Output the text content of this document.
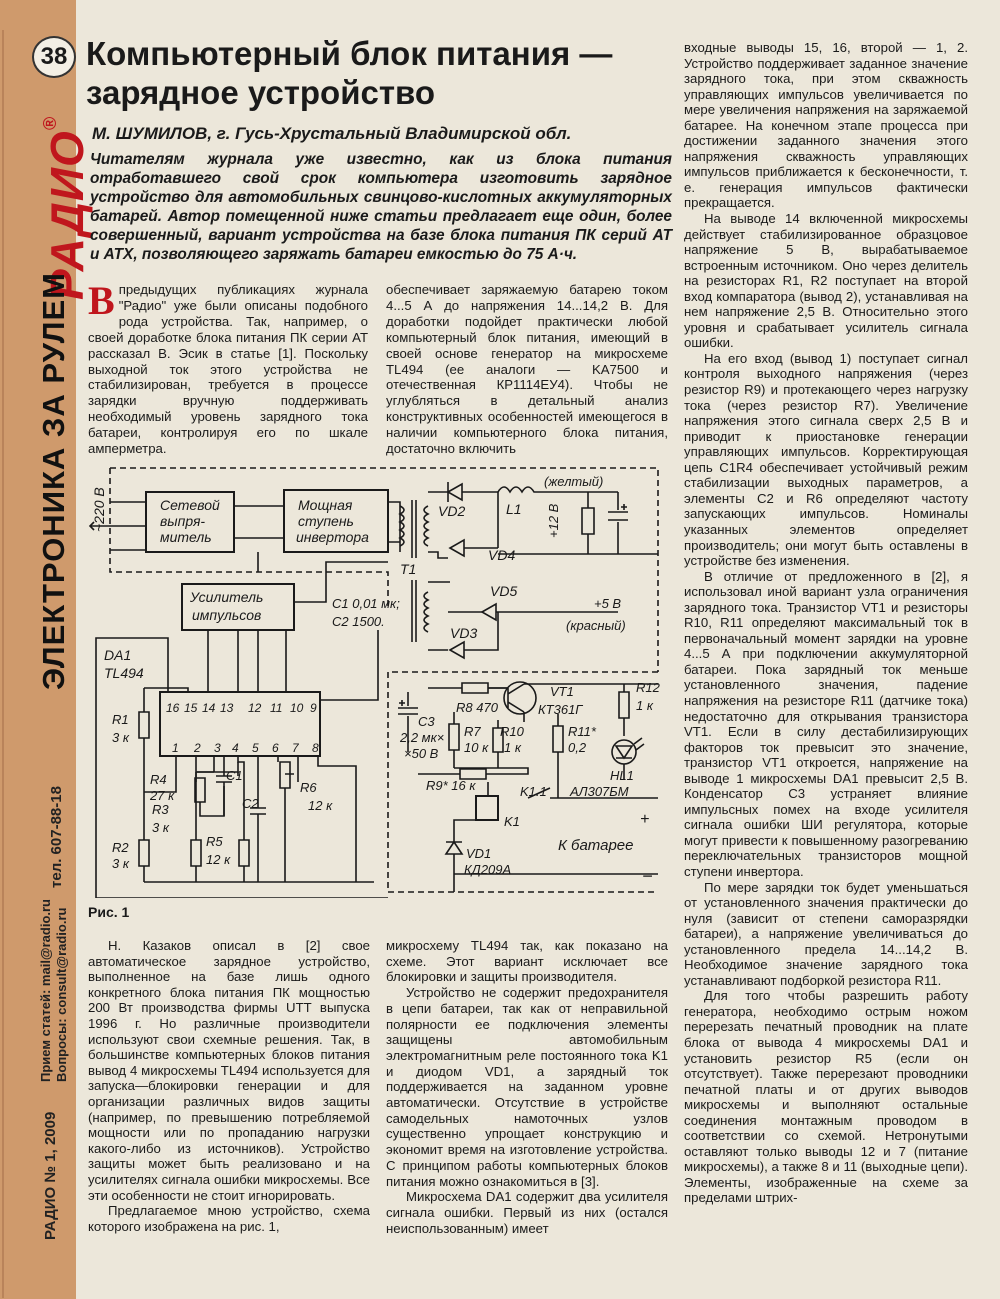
38
РАДИО®
ЭЛЕКТРОНИКА ЗА РУЛЕМ
тел. 607-88-18
Прием статей: mail@radio.ru Вопросы: consult@radio.ru
РАДИО № 1, 2009
Компьютерный блок питания —
зарядное устройство
М. ШУМИЛОВ, г. Гусь-Хрустальный Владимирской обл.

Читателям журнала уже известно, как из блока питания отработавшего свой срок компьютера изготовить зарядное устройство для автомобильных свинцово-кислотных аккумуляторных батарей. Автор помещенной ниже статьи предлагает еще один, более совершенный, вариант устройства на базе блока питания ПК серий AT и ATX, позволяющего заряжать батареи емкостью до 75 А·ч.

Впредыдущих публикациях журнала "Радио" уже были описаны подобного рода устройства. Так, например, о своей доработке блока питания ПК серии AT рассказал В. Эсик в статье [1]. Поскольку выходной ток этого устройства не стабилизирован, требуется в процессе зарядки вручную поддерживать необходимый уровень зарядного тока батареи, контролируя его по шкале амперметра.

обеспечивает заряжаемую батарею током 4...5 А до напряжения 14...14,2 В. Для доработки подойдет практически любой компьютерный блок питания, имеющий в своей основе генератор на микросхеме TL494 (ее аналоги — KA7500 и отечественная КР1114ЕУ4). Чтобы не углубляться в детальный анализ конструктивных особенностей имеющегося в наличии компьютерного блока питания, достаточно включить

входные выводы 15, 16, второй — 1, 2. Устройство поддерживает заданное значение зарядного тока, при этом скважность управляющих импульсов увеличивается по мере увеличения напряжения на заряжаемой батарее. На конечном этапе процесса при достижении заданного значения этого напряжения скважность управляющих импульсов приближается к бесконечности, т. е. генерация импульсов фактически прекращается.

На выводе 14 включенной микросхемы действует стабилизированное образцовое напряжение 5 В, вырабатываемое встроенным источником. Оно через делитель на резисторах R1, R2 поступает на второй вход компаратора (вывод 2), устанавливая на нем напряжение 2,5 В. Относительно этого уровня и срабатывает усилитель сигнала ошибки.

На его вход (вывод 1) поступает сигнал контроля выходного напряжения (через резистор R9) и протекающего через нагрузку тока (через резистор R7). Увеличение напряжения этого сигнала сверх 2,5 В и приводит к приостановке генерации управляющих импульсов. Корректирующая цепь C1R4 обеспечивает устойчивый режим стабилизации выходных параметров, а элементы C2 и R6 определяют частоту запускающих импульсов. Номиналы указанных элементов определяет производитель; они могут быть оставлены в устройстве без изменения.

В отличие от предложенного в [2], я использовал иной вариант узла ограничения зарядного тока. Транзистор VT1 и резисторы R10, R11 определяют максимальный ток в первоначальный момент зарядки на уровне 4...5 А при подключении аккумуляторной батареи. Пока зарядный ток меньше установленного значения, падение напряжения на резисторе R11 (датчике тока) недостаточно для открывания транзистора VT1. Если в силу дестабилизирующих факторов ток превысит это значение, транзистор VT1 откроется, напряжение на выводе 1 микросхемы DA1 превысит 2,5 В. Конденсатор C3 устраняет влияние импульсных помех на входе усилителя сигнала ошибки ШИ регулятора, которые могут привести к повышенному разогреванию переключательных транзисторов мощной ступени инвертора.

По мере зарядки ток будет уменьшаться от установленного значения практически до нуля (зависит от степени саморазрядки батареи), а напряжение увеличиваться до установленного предела 14...14,2 В. Необходимое значение зарядного тока устанавливают подборкой резистора R11.

Для того чтобы разрешить работу генератора, необходимо острым ножом перерезать печатный проводник на плате блока от вывода 4 микросхемы DA1 и установить резистор R5 (если он отсутствует). Также перерезают проводники печатной платы и от других выводов микросхемы и выполняют остальные соединения монтажным проводом в соответствии со схемой. Нетронутыми оставляют только выводы 12 и 7 (питание микросхемы), а также 8 и 11 (выходные цепи). Элементы, изображенные на схеме за пределами штрих-

~220 В	Сетевой
выпря-
митель
Мощная
ступень
инвертора
T1
VD2
VD4
VD5
VD3
L1
(желтый)
+12 В
+5 В
(красный)
Усилитель
импульсов
C1 0,01 мк;
C2 1500.
DA1
TL494
16 15 14 13 12 11 10 9
1 2 3 4 5 6 7 8
R1
3 к
R2
3 к
R3
3 к
R4
27 к
C1
R5
12 к
C2
R6
12 к
C3
2,2 мк×
×50 В
R8 470
R7
10 к
VT1
КТ361Г
R10
1 к
R11*
0,2
R12
1 к
HL1
АЛ307БМ
R9* 16 к
K1
K1.1
VD1
КД209А
+
К батарее
−
Рис. 1

Н. Казаков описал в [2] свое автоматическое зарядное устройство, выполненное на базе лишь одного конкретного блока питания ПК мощностью 200 Вт производства фирмы UTT выпуска 1996 г. Но различные производители используют свои схемные решения. Так, в большинстве компьютерных блоков питания вывод 4 микросхемы TL494 используется для запуска—блокировки генерации и для организации различных видов защиты (например, по превышению потребляемой мощности или по пропаданию нагрузки какого-либо из источников). Устройство защиты может быть реализовано и на усилителях сигнала ошибки микросхемы. Все эти особенности не стоит игнорировать.

Предлагаемое мною устройство, схема которого изображена на рис. 1,

микросхему TL494 так, как показано на схеме. Этот вариант исключает все блокировки и защиты производителя.

Устройство не содержит предохранителя в цепи батареи, так как от неправильной полярности ее подключения элементы защищены автомобильным электромагнитным реле постоянного тока K1 и диодом VD1, а зарядный ток поддерживается на заданном уровне автоматически. Отсутствие в устройстве самодельных намоточных узлов существенно упрощает конструкцию и экономит время на изготовление устройства. С принципом работы компьютерных блоков питания можно ознакомиться в [3].

Микросхема DA1 содержит два усилителя сигнала ошибки. Первый из них (остался неиспользованным) имеет
